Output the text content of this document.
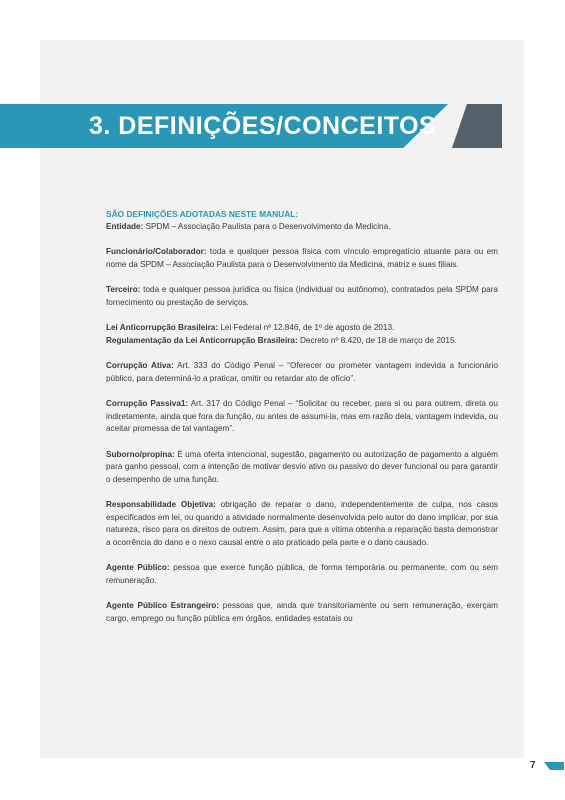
3. DEFINIÇÕES/CONCEITOS
SÃO DEFINIÇÕES ADOTADAS NESTE MANUAL:

Entidade: SPDM – Associação Paulista para o Desenvolvimento da Medicina.

Funcionário/Colaborador: toda e qualquer pessoa física com vínculo empregatício atuante para ou em nome da SPDM – Associação Paulista para o Desenvolvimento da Medicina, matriz e suas filiais.

Terceiro: toda e qualquer pessoa jurídica ou física (individual ou autônomo), contratados pela SPDM para fornecimento ou prestação de serviços.

Lei Anticorrupção Brasileira: Lei Federal nº 12.846, de 1º de agosto de 2013.

Regulamentação da Lei Anticorrupção Brasileira: Decreto nº 8.420, de 18 de março de 2015.

Corrupção Ativa: Art. 333 do Código Penal – “Oferecer ou prometer vantagem indevida a funcionário público, para determiná-lo a praticar, omitir ou retardar ato de ofício”.

Corrupção Passiva1: Art. 317 do Código Penal – “Solicitar ou receber, para si ou para outrem, direta ou indiretamente, ainda que fora da função, ou antes de assumi-la, mas em razão dela, vantagem indevida, ou aceitar promessa de tal vantagem”.

Suborno/propina: É uma oferta intencional, sugestão, pagamento ou autorização de pagamento a alguém para ganho pessoal, com a intenção de motivar desvio ativo ou passivo do dever funcional ou para garantir o desempenho de uma função.

Responsabilidade Objetiva: obrigação de reparar o dano, independentemente de culpa, nos casos especificados em lei, ou quando a atividade normalmente desenvolvida pelo autor do dano implicar, por sua natureza, risco para os direitos de outrem. Assim, para que a vítima obtenha a reparação basta demonstrar a ocorrência do dano e o nexo causal entre o ato praticado pela parte e o dano causado.

Agente Público: pessoa que exerce função pública, de forma temporária ou permanente, com ou sem remuneração.

Agente Público Estrangeiro: pessoas que, ainda que transitoriamente ou sem remuneração, exerçam cargo, emprego ou função pública em órgãos, entidades estatais ou

7
